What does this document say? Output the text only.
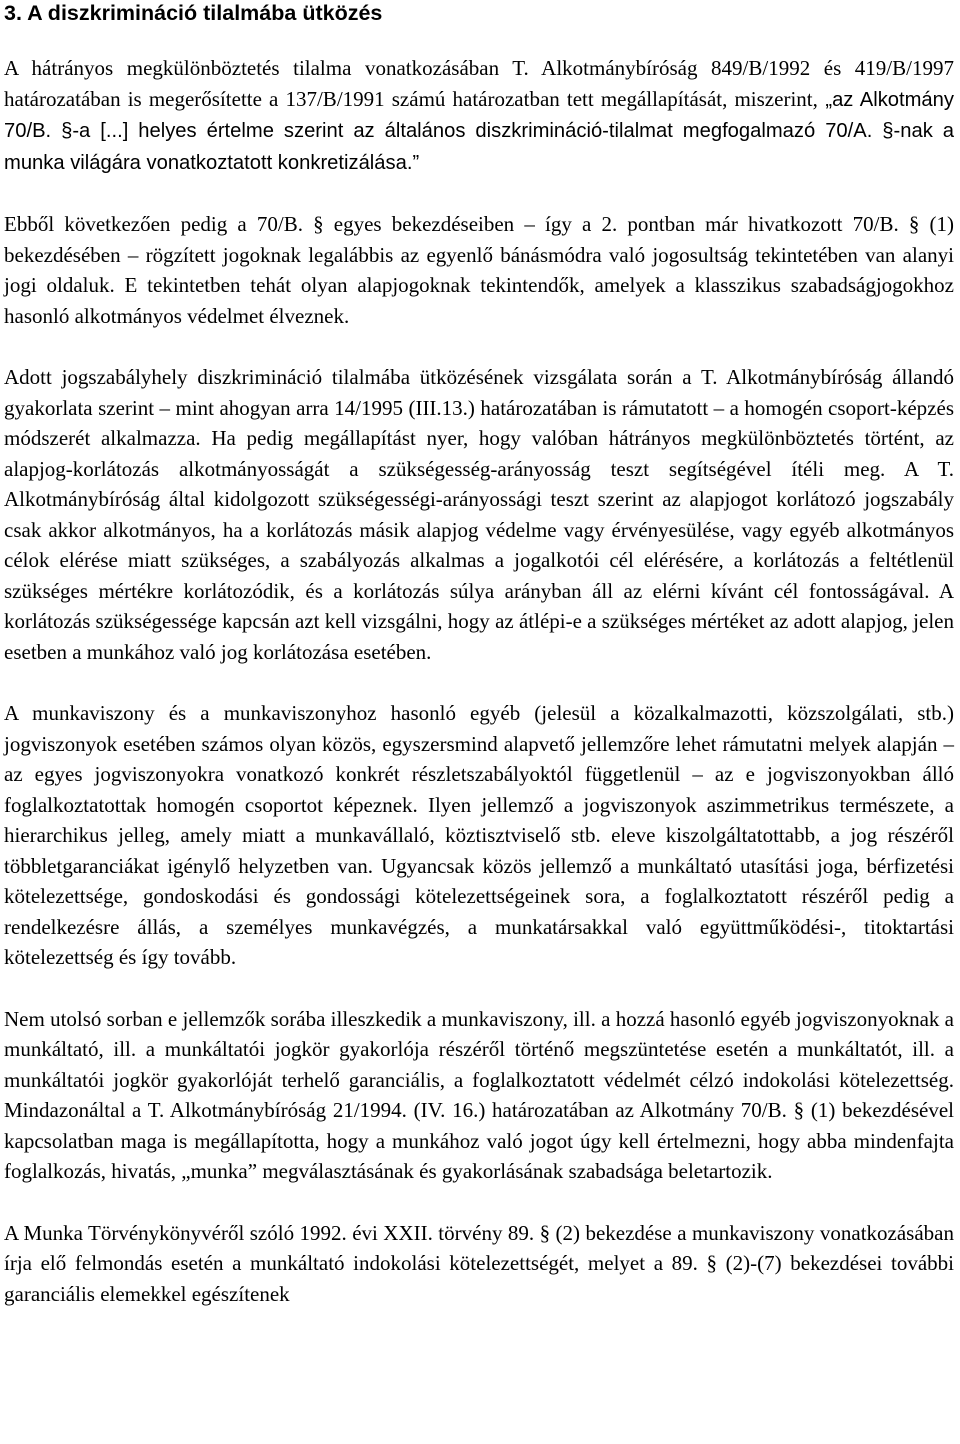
3. A diszkrimináció tilalmába ütközés

A hátrányos megkülönböztetés tilalma vonatkozásában T. Alkotmánybíróság 849/B/1992 és 419/B/1997 határozatában is megerősítette a 137/B/1991 számú határozatban tett megállapítását, miszerint, „az Alkotmány 70/B. §-a [...] helyes értelme szerint az általános diszkrimináció-tilalmat megfogalmazó 70/A. §-nak a munka világára vonatkoztatott konkretizálása.”

Ebből következően pedig a 70/B. § egyes bekezdéseiben – így a 2. pontban már hivatkozott 70/B. § (1) bekezdésében – rögzített jogoknak legalábbis az egyenlő bánásmódra való jogosultság tekintetében van alanyi jogi oldaluk. E tekintetben tehát olyan alapjogoknak tekintendők, amelyek a klasszikus szabadságjogokhoz hasonló alkotmányos védelmet élveznek.

Adott jogszabályhely diszkrimináció tilalmába ütközésének vizsgálata során a T. Alkotmánybíróság állandó gyakorlata szerint – mint ahogyan arra 14/1995 (III.13.) határozatában is rámutatott – a homogén csoport-képzés módszerét alkalmazza. Ha pedig megállapítást nyer, hogy valóban hátrányos megkülönböztetés történt, az alapjog-korlátozás alkotmányosságát a szükségesség-arányosság teszt segítségével ítéli meg. A T. Alkotmánybíróság által kidolgozott szükségességi-arányossági teszt szerint az alapjogot korlátozó jogszabály csak akkor alkotmányos, ha a korlátozás másik alapjog védelme vagy érvényesülése, vagy egyéb alkotmányos célok elérése miatt szükséges, a szabályozás alkalmas a jogalkotói cél elérésére, a korlátozás a feltétlenül szükséges mértékre korlátozódik, és a korlátozás súlya arányban áll az elérni kívánt cél fontosságával. A korlátozás szükségessége kapcsán azt kell vizsgálni, hogy az átlépi-e a szükséges mértéket az adott alapjog, jelen esetben a munkához való jog korlátozása esetében.

A munkaviszony és a munkaviszonyhoz hasonló egyéb (jelesül a közalkalmazotti, közszolgálati, stb.) jogviszonyok esetében számos olyan közös, egyszersmind alapvető jellemzőre lehet rámutatni melyek alapján – az egyes jogviszonyokra vonatkozó konkrét részletszabályoktól függetlenül – az e jogviszonyokban álló foglalkoztatottak homogén csoportot képeznek. Ilyen jellemző a jogviszonyok aszimmetrikus természete, a hierarchikus jelleg, amely miatt a munkavállaló, köztisztviselő stb. eleve kiszolgáltatottabb, a jog részéről többletgaranciákat igénylő helyzetben van. Ugyancsak közös jellemző a munkáltató utasítási joga, bérfizetési kötelezettsége, gondoskodási és gondossági kötelezettségeinek sora, a foglalkoztatott részéről pedig a rendelkezésre állás, a személyes munkavégzés, a munkatársakkal való együttműködési-, titoktartási kötelezettség és így tovább.

Nem utolsó sorban e jellemzők sorába illeszkedik a munkaviszony, ill. a hozzá hasonló egyéb jogviszonyoknak a munkáltató, ill. a munkáltatói jogkör gyakorlója részéről történő megszüntetése esetén a munkáltatót, ill. a munkáltatói jogkör gyakorlóját terhelő garanciális, a foglalkoztatott védelmét célzó indokolási kötelezettség. Mindazonáltal a T. Alkotmánybíróság 21/1994. (IV. 16.) határozatában az Alkotmány 70/B. § (1) bekezdésével kapcsolatban maga is megállapította, hogy a munkához való jogot úgy kell értelmezni, hogy abba mindenfajta foglalkozás, hivatás, „munka” megválasztásának és gyakorlásának szabadsága beletartozik.

A Munka Törvénykönyvéről szóló 1992. évi XXII. törvény 89. § (2) bekezdése a munkaviszony vonatkozásában írja elő felmondás esetén a munkáltató indokolási kötelezettségét, melyet a 89. § (2)-(7) bekezdései további garanciális elemekkel egészítenek
